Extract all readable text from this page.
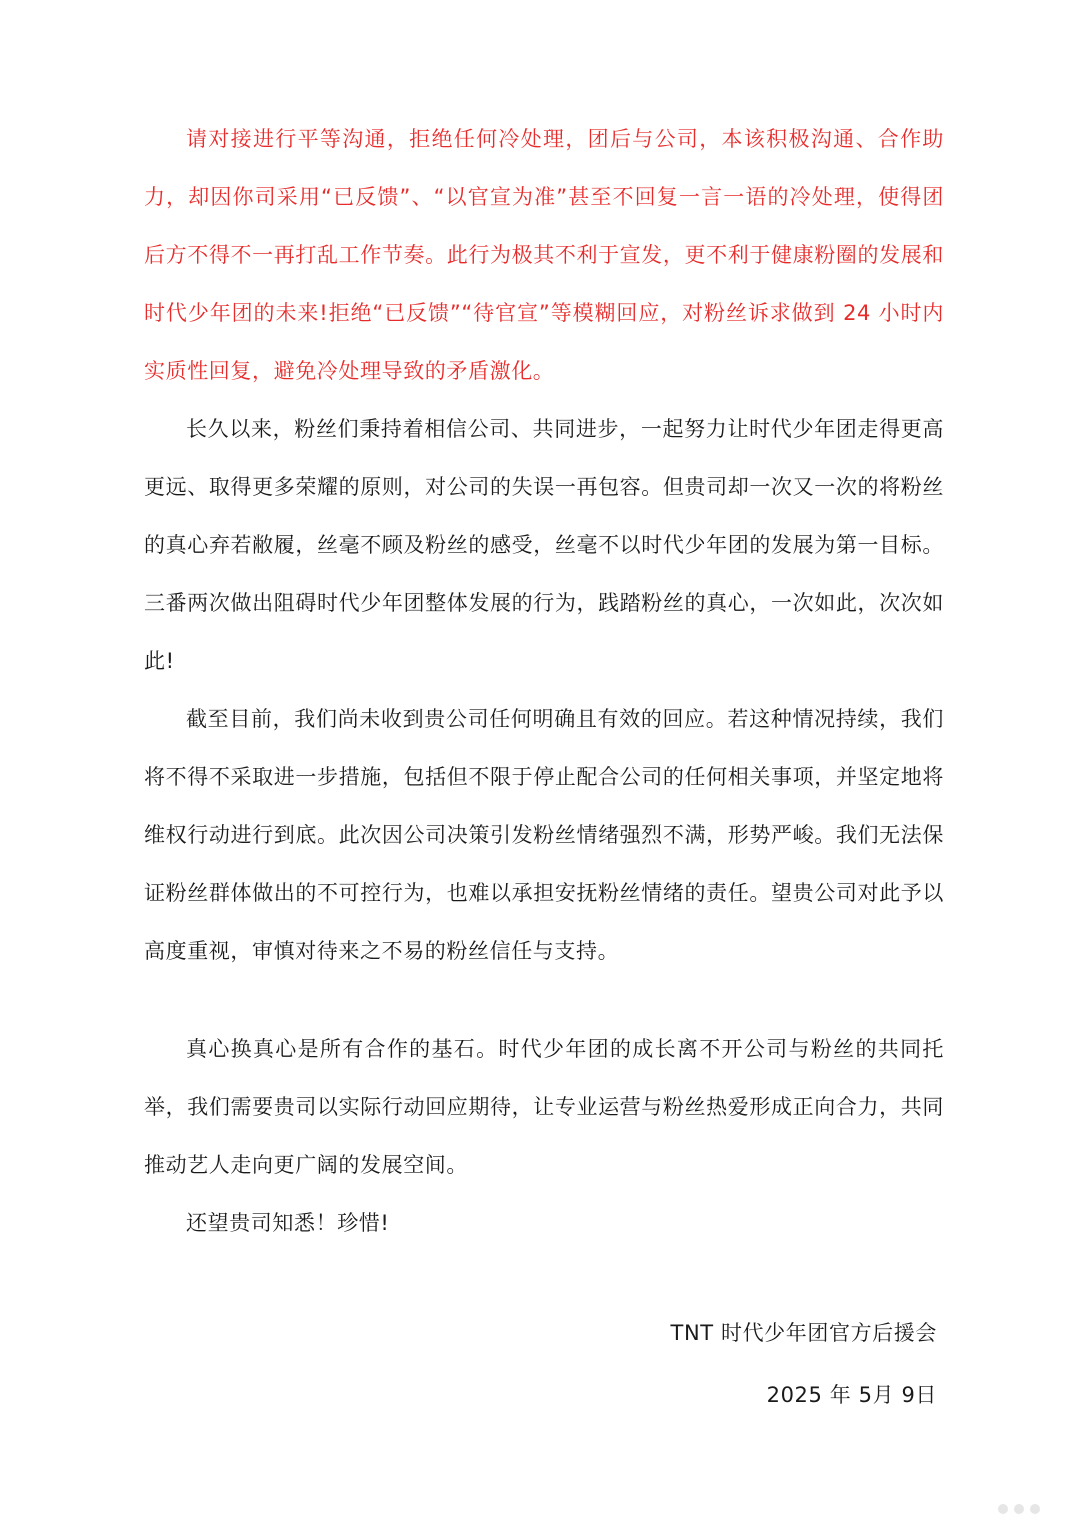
请对接进行平等沟通，拒绝任何冷处理，团后与公司，本该积极沟通、合作助力，却因你司采用“已反馈”、“以官宣为准”甚至不回复一言一语的冷处理，使得团后方不得不一再打乱工作节奏。此行为极其不利于宣发，更不利于健康粉圈的发展和时代少年团的未来!拒绝“已反馈”“待官宣”等模糊回应，对粉丝诉求做到 24 小时内实质性回复，避免冷处理导致的矛盾激化。

长久以来，粉丝们秉持着相信公司、共同进步，一起努力让时代少年团走得更高更远、取得更多荣耀的原则，对公司的失误一再包容。但贵司却一次又一次的将粉丝的真心弃若敝履，丝毫不顾及粉丝的感受，丝毫不以时代少年团的发展为第一目标。三番两次做出阻碍时代少年团整体发展的行为，践踏粉丝的真心，一次如此，次次如此!

截至目前，我们尚未收到贵公司任何明确且有效的回应。若这种情况持续，我们将不得不采取进一步措施，包括但不限于停止配合公司的任何相关事项，并坚定地将维权行动进行到底。此次因公司决策引发粉丝情绪强烈不满，形势严峻。我们无法保证粉丝群体做出的不可控行为，也难以承担安抚粉丝情绪的责任。望贵公司对此予以高度重视，审慎对待来之不易的粉丝信任与支持。

真心换真心是所有合作的基石。时代少年团的成长离不开公司与粉丝的共同托举，我们需要贵司以实际行动回应期待，让专业运营与粉丝热爱形成正向合力，共同推动艺人走向更广阔的发展空间。

还望贵司知悉！珍惜!

TNT 时代少年团官方后援会
2025 年 5月 9日
